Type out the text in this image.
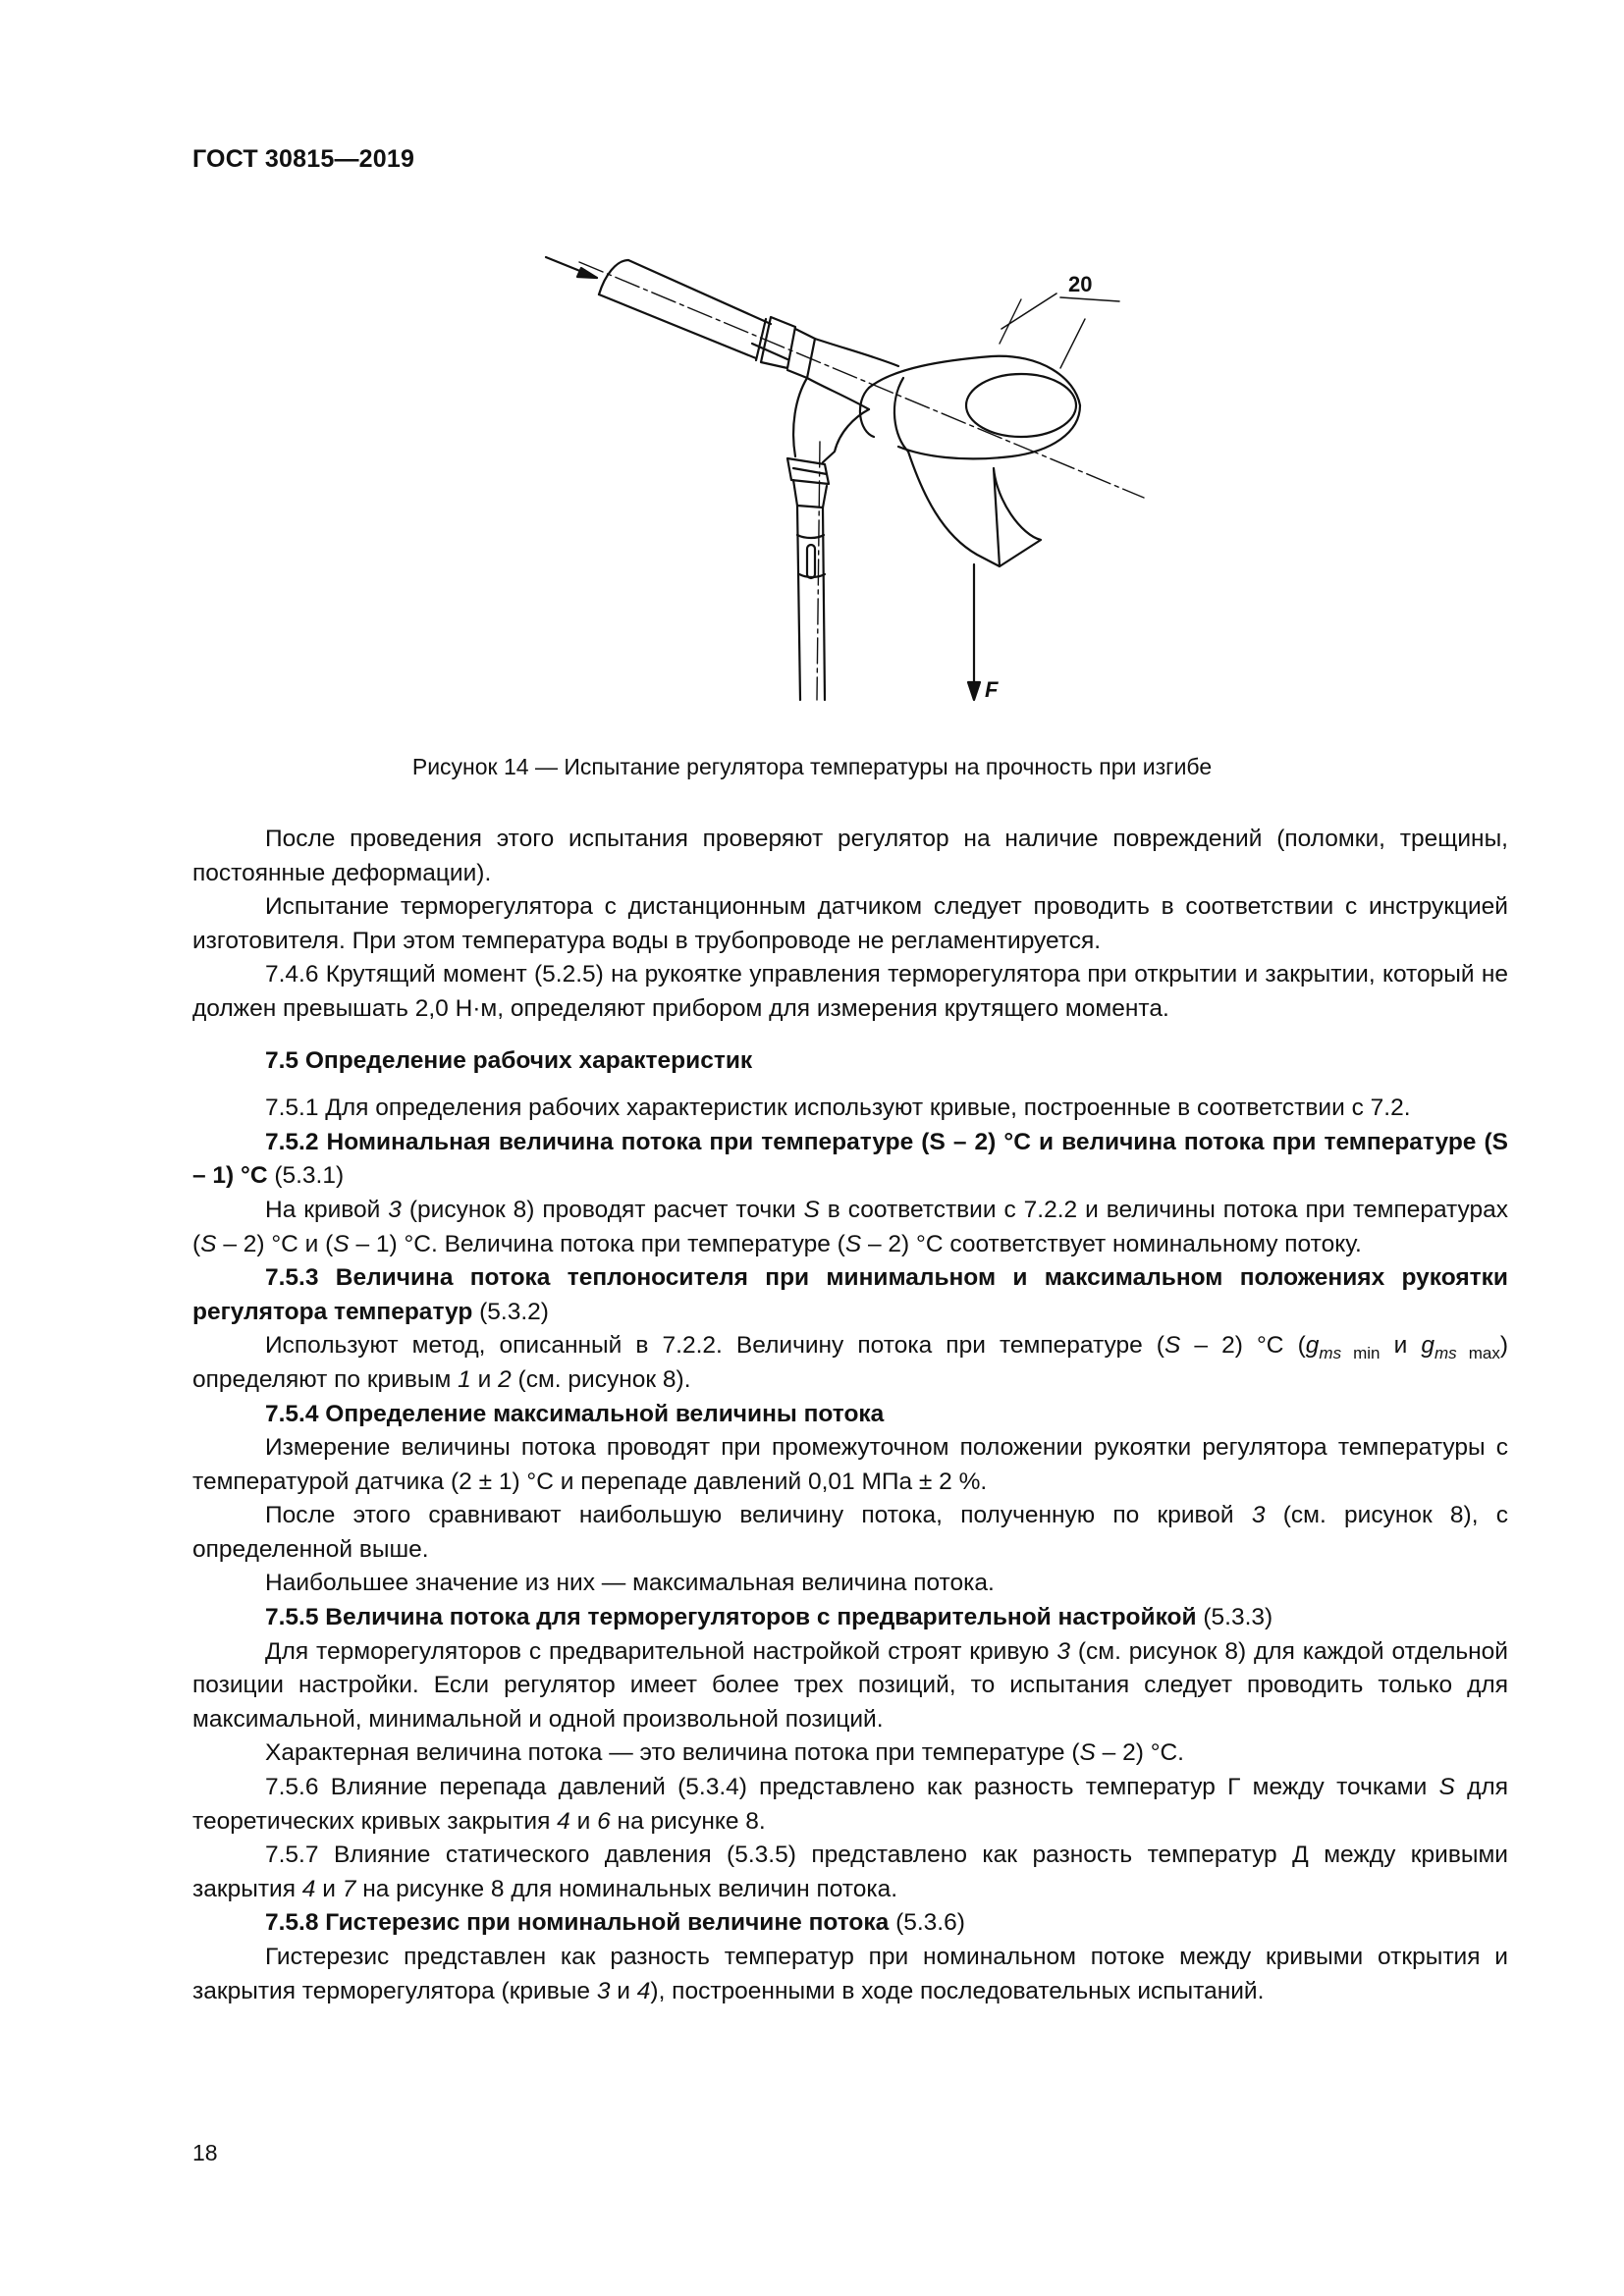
ГОСТ 30815—2019
20
F
Рисунок 14 — Испытание регулятора температуры на прочность при изгибе

После проведения этого испытания проверяют регулятор на наличие повреждений (поломки, трещины, постоянные деформации).

Испытание терморегулятора с дистанционным датчиком следует проводить в соответствии с инструкцией изготовителя. При этом температура воды в трубопроводе не регламентируется.

7.4.6 Крутящий момент (5.2.5) на рукоятке управления терморегулятора при открытии и закрытии, который не должен превышать 2,0 Н·м, определяют прибором для измерения крутящего момента.

7.5 Определение рабочих характеристик

7.5.1 Для определения рабочих характеристик используют кривые, построенные в соответствии с 7.2.

7.5.2 Номинальная величина потока при температуре (S – 2) °C и величина потока при температуре (S – 1) °C (5.3.1)

На кривой 3 (рисунок 8) проводят расчет точки S в соответствии с 7.2.2 и величины потока при температурах (S – 2) °C и (S – 1) °C. Величина потока при температуре (S – 2) °C соответствует номинальному потоку.

7.5.3 Величина потока теплоносителя при минимальном и максимальном положениях рукоятки регулятора температур (5.3.2)

Используют метод, описанный в 7.2.2. Величину потока при температуре (S – 2) °C ($g_{ms min}$ и $g_{ms max}$) определяют по кривым 1 и 2 (см. рисунок 8).

7.5.4 Определение максимальной величины потока

Измерение величины потока проводят при промежуточном положении рукоятки регулятора температуры с температурой датчика (2 ± 1) °C и перепаде давлений 0,01 МПа ± 2 %.

После этого сравнивают наибольшую величину потока, полученную по кривой 3 (см. рисунок 8), с определенной выше.

Наибольшее значение из них — максимальная величина потока.

7.5.5 Величина потока для терморегуляторов с предварительной настройкой (5.3.3)

Для терморегуляторов с предварительной настройкой строят кривую 3 (см. рисунок 8) для каждой отдельной позиции настройки. Если регулятор имеет более трех позиций, то испытания следует проводить только для максимальной, минимальной и одной произвольной позиций.

Характерная величина потока — это величина потока при температуре (S – 2) °C.

7.5.6 Влияние перепада давлений (5.3.4) представлено как разность температур Г между точками S для теоретических кривых закрытия 4 и 6 на рисунке 8.

7.5.7 Влияние статического давления (5.3.5) представлено как разность температур Д между кривыми закрытия 4 и 7 на рисунке 8 для номинальных величин потока.

7.5.8 Гистерезис при номинальной величине потока (5.3.6)

Гистерезис представлен как разность температур при номинальном потоке между кривыми открытия и закрытия терморегулятора (кривые 3 и 4), построенными в ходе последовательных испытаний.

18
